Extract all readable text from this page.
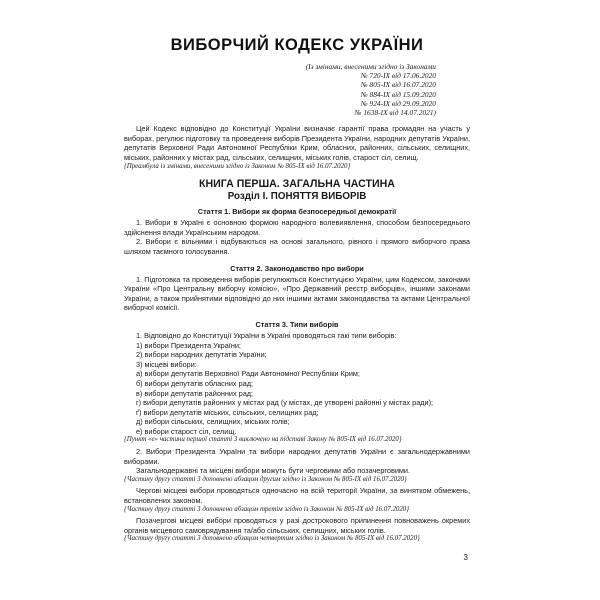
ВИБОРЧИЙ КОДЕКС УКРАЇНИ
(Із змінами, внесеними згідно із Законами
№ 720-IX від 17.06.2020
№ 805-IX від 16.07.2020
№ 884-IX від 15.09.2020
№ 924-IX від 29.09.2020
№ 1638-IX від 14.07.2021)

Цей Кодекс відповідно до Конституції України визначає гарантії права громадян на участь у виборах, регулює підготовку та проведення виборів Президента України, народних депутатів України, депутатів Верховної Ради Автономної Республіки Крим, обласних, районних, сільських, селищних, міських, районних у містах рад, сільських, селищних, міських голів, старост сіл, селищ.

{Преамбула із змінами, внесеними згідно із Законом № 805-IX від 16.07.2020}

КНИГА ПЕРША. ЗАГАЛЬНА ЧАСТИНА
Розділ I. ПОНЯТТЯ ВИБОРІВ
Стаття 1. Вибори як форма безпосередньої демократії

1. Вибори в Україні є основною формою народного волевиявлення, способом безпосереднього здійснення влади Українським народом.

2. Вибори є вільними і відбуваються на основі загального, рівного і прямого виборчого права шляхом таємного голосування.

Стаття 2. Законодавство про вибори

1. Підготовка та проведення виборів регулюються Конституцією України, цим Кодексом, законами України «Про Центральну виборчу комісію», «Про Державний реєстр виборців», іншими законами України, а також прийнятими відповідно до них іншими актами законодавства та актами Центральної виборчої комісії.

Стаття 3. Типи виборів

1. Відповідно до Конституції України в Україні проводяться такі типи виборів:

1) вибори Президента України;
2) вибори народних депутатів України;
3) місцеві вибори:
а) вибори депутатів Верховної Ради Автономної Республіки Крим;
б) вибори депутатів обласних рад;
в) вибори депутатів районних рад;
г) вибори депутатів районних у містах рад (у містах, де утворені районні у містах ради);
ґ) вибори депутатів міських, сільських, селищних рад;
д) вибори сільських, селищних, міських голів;
е) вибори старост сіл, селищ.

{Пункт «е» частини першої статті 3 виключено на підставі Закону № 805-IX від 16.07.2020}

2. Вибори Президента України та вибори народних депутатів України є загальнодержавними виборами.

Загальнодержавні та місцеві вибори можуть бути черговими або позачерговими.

{Частину другу статті 3 доповнено абзацом другим згідно із Законом № 805-IX від 16.07.2020}

Чергові місцеві вибори проводяться одночасно на всій території України, за винятком обмежень, встановлених законом.

{Частину другу статті 3 доповнено абзацом третім згідно із Законом № 805-IX від 16.07.2020}

Позачергові місцеві вибори проводяться у разі дострокового припинення повноважень окремих органів місцевого самоврядування та/або сільських, селищних, міських голів.

{Частину другу статті 3 доповнено абзацом четвертим згідно із Законом № 805-IX від 16.07.2020}

3
